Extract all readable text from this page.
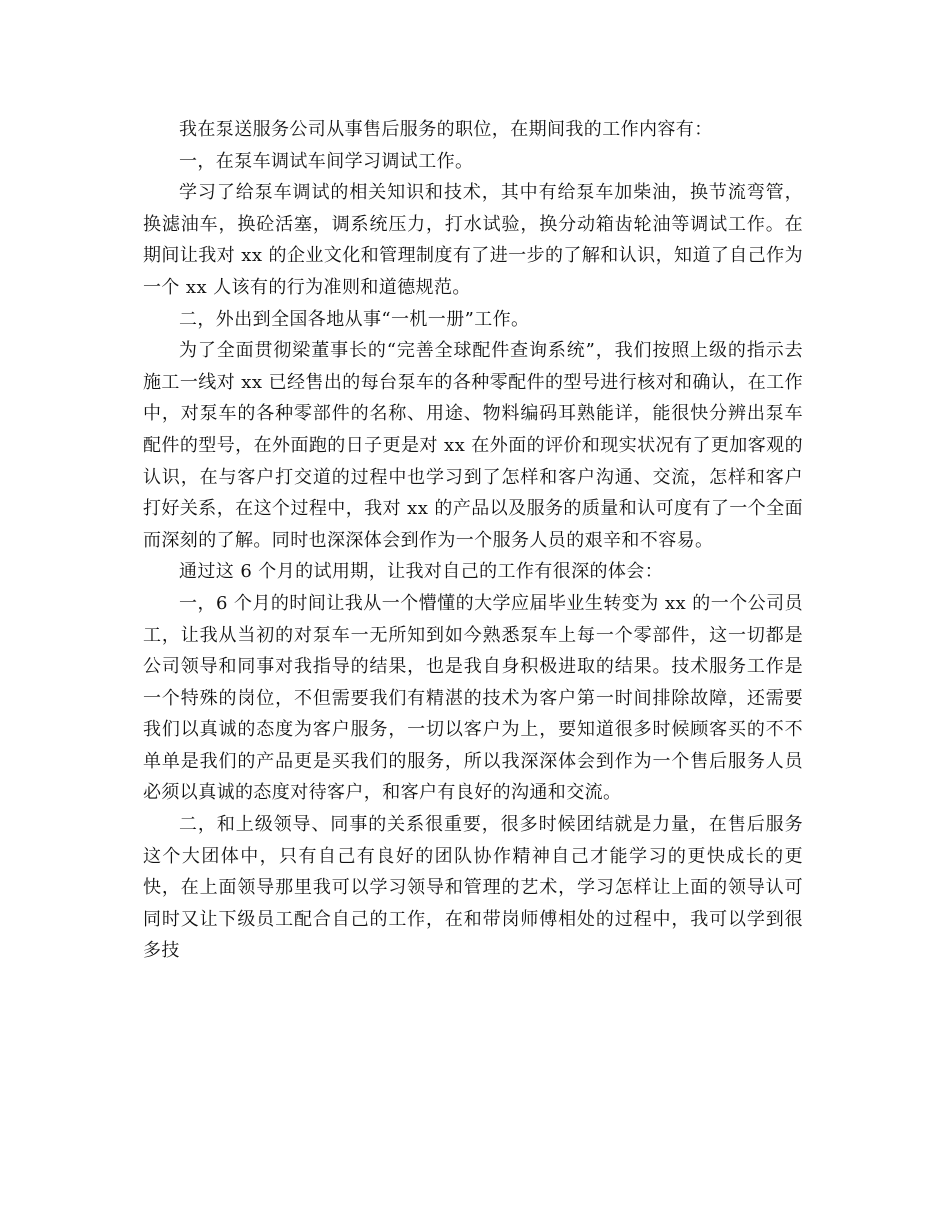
我在泵送服务公司从事售后服务的职位，在期间我的工作内容有：

一，在泵车调试车间学习调试工作。

学习了给泵车调试的相关知识和技术，其中有给泵车加柴油，换节流弯管，换滤油车，换砼活塞，调系统压力，打水试验，换分动箱齿轮油等调试工作。在期间让我对 xx 的企业文化和管理制度有了进一步的了解和认识，知道了自己作为一个 xx 人该有的行为准则和道德规范。

二，外出到全国各地从事“一机一册”工作。

为了全面贯彻梁董事长的“完善全球配件查询系统”，我们按照上级的指示去施工一线对 xx 已经售出的每台泵车的各种零配件的型号进行核对和确认，在工作中，对泵车的各种零部件的名称、用途、物料编码耳熟能详，能很快分辨出泵车配件的型号，在外面跑的日子更是对 xx 在外面的评价和现实状况有了更加客观的认识，在与客户打交道的过程中也学习到了怎样和客户沟通、交流，怎样和客户打好关系，在这个过程中，我对 xx 的产品以及服务的质量和认可度有了一个全面而深刻的了解。同时也深深体会到作为一个服务人员的艰辛和不容易。

通过这 6 个月的试用期，让我对自己的工作有很深的体会：

一，6 个月的时间让我从一个懵懂的大学应届毕业生转变为 xx 的一个公司员工，让我从当初的对泵车一无所知到如今熟悉泵车上每一个零部件，这一切都是公司领导和同事对我指导的结果，也是我自身积极进取的结果。技术服务工作是一个特殊的岗位，不但需要我们有精湛的技术为客户第一时间排除故障，还需要我们以真诚的态度为客户服务，一切以客户为上，要知道很多时候顾客买的不不单单是我们的产品更是买我们的服务，所以我深深体会到作为一个售后服务人员必须以真诚的态度对待客户，和客户有良好的沟通和交流。

二，和上级领导、同事的关系很重要，很多时候团结就是力量，在售后服务这个大团体中，只有自己有良好的团队协作精神自己才能学习的更快成长的更快，在上面领导那里我可以学习领导和管理的艺术，学习怎样让上面的领导认可同时又让下级员工配合自己的工作，在和带岗师傅相处的过程中，我可以学到很多技
